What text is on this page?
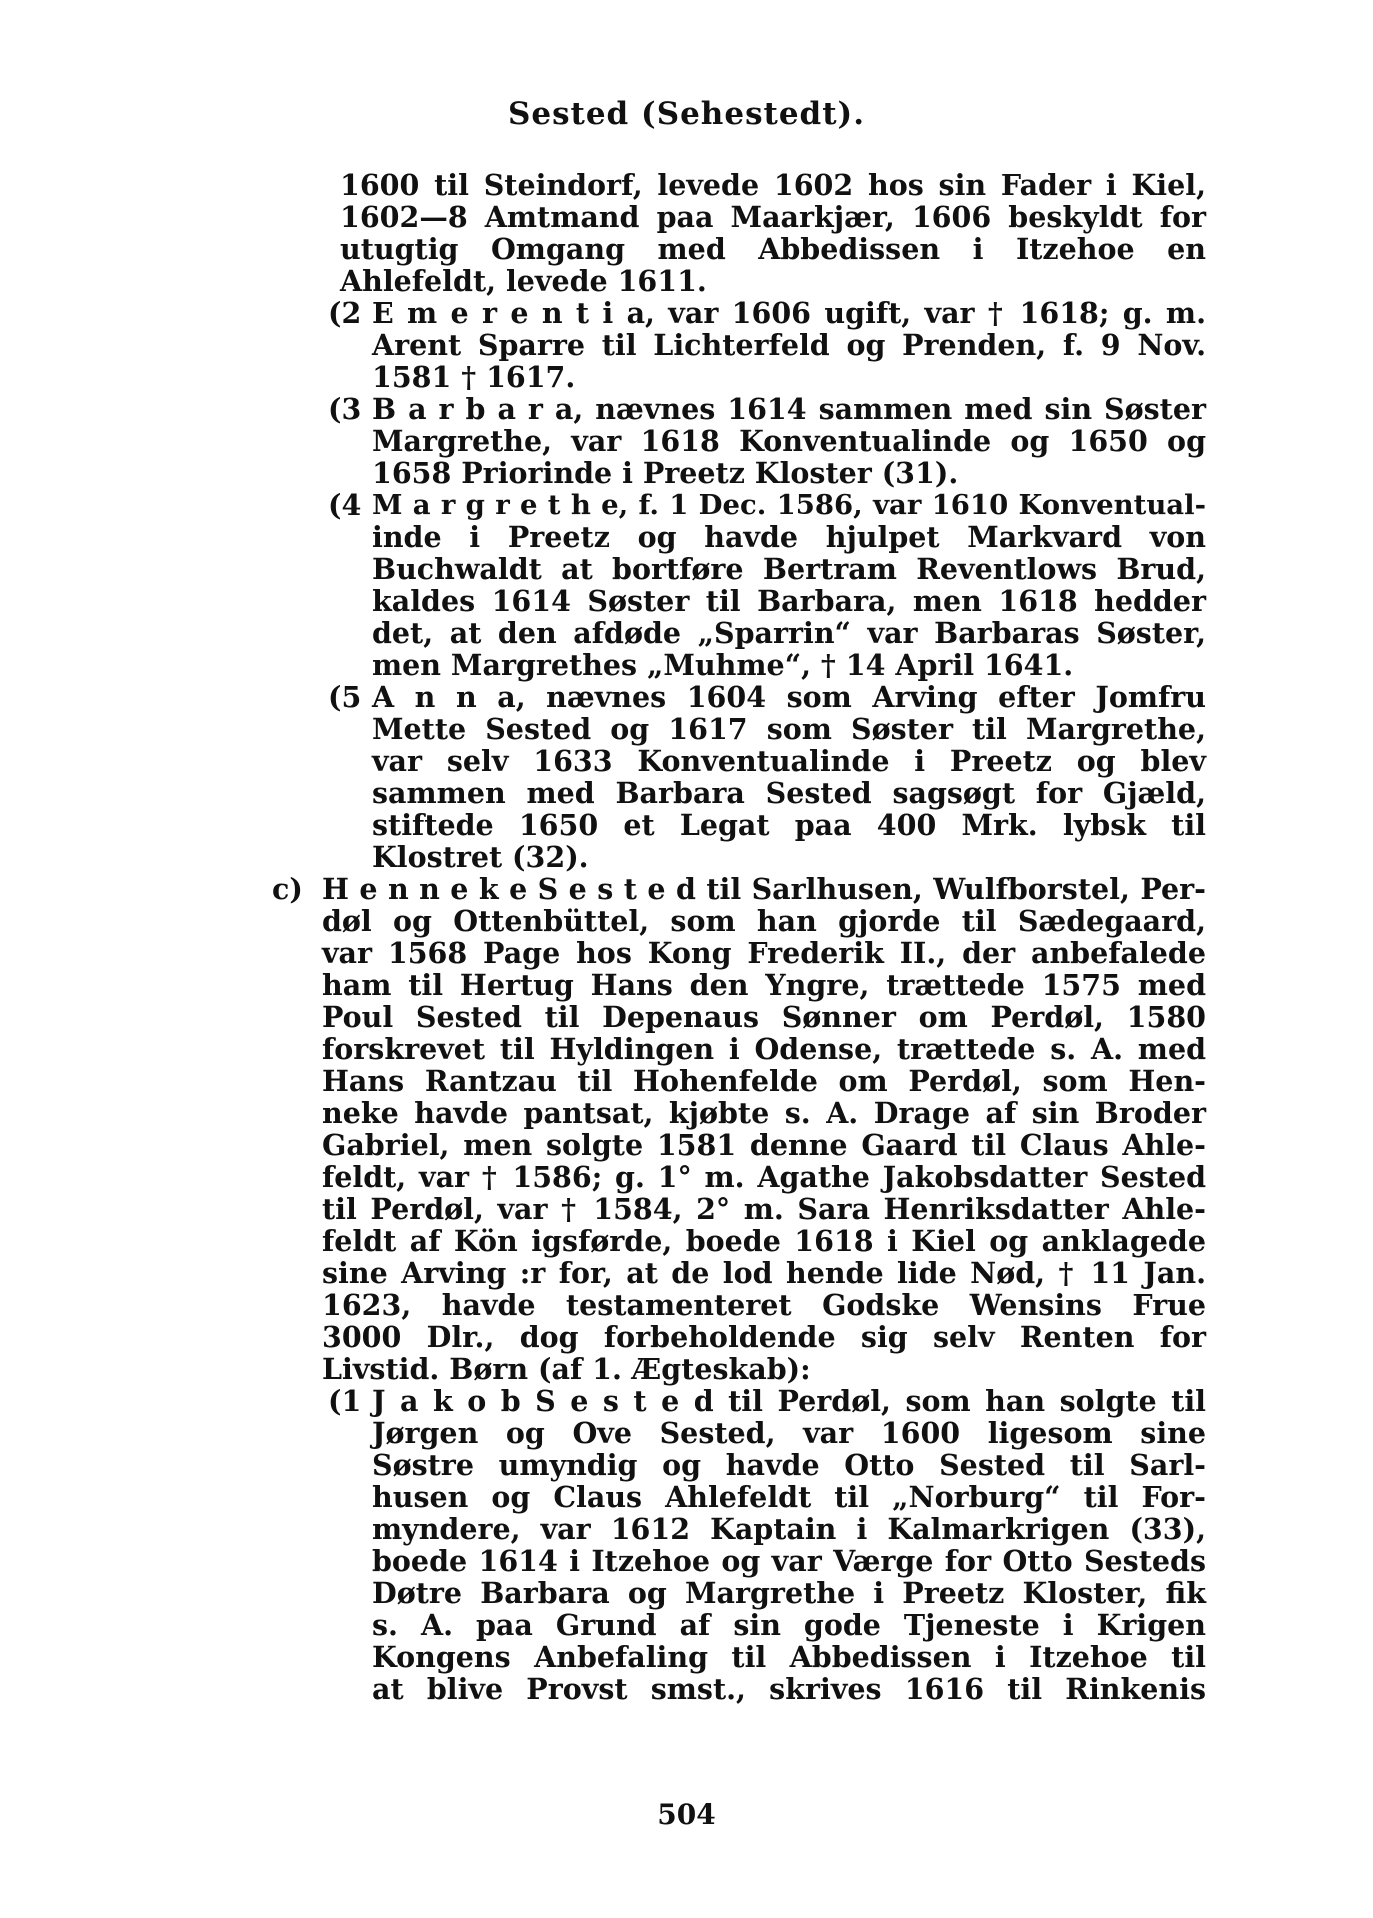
Sested (Sehestedt).
1600 til Steindorf, levede 1602 hos sin Fader i Kiel,
1602—8 Amtmand paa Maarkjær, 1606 beskyldt for
utugtig Omgang med Abbedissen i Itzehoe en
Ahlefeldt, levede 1611.
(2 E m e r e n t i a, var 1606 ugift, var † 1618; g. m.
Arent Sparre til Lichterfeld og Prenden, f. 9 Nov.
1581 † 1617.
(3 B a r b a r a, nævnes 1614 sammen med sin Søster
Margrethe, var 1618 Konventualinde og 1650 og
1658 Priorinde i Preetz Kloster (31).
(4 M a r g r e t h e, f. 1 Dec. 1586, var 1610 Konventual-
inde i Preetz og havde hjulpet Markvard von
Buchwaldt at bortføre Bertram Reventlows Brud,
kaldes 1614 Søster til Barbara, men 1618 hedder
det, at den afdøde „Sparrin“ var Barbaras Søster,
men Margrethes „Muhme“, † 14 April 1641.
(5 A n n a, nævnes 1604 som Arving efter Jomfru
Mette Sested og 1617 som Søster til Margrethe,
var selv 1633 Konventualinde i Preetz og blev
sammen med Barbara Sested sagsøgt for Gjæld,
stiftede 1650 et Legat paa 400 Mrk. lybsk til
Klostret (32).
c) H e n n e k e S e s t e d til Sarlhusen, Wulfborstel, Per-
døl og Ottenbüttel, som han gjorde til Sædegaard,
var 1568 Page hos Kong Frederik II., der anbefalede
ham til Hertug Hans den Yngre, trættede 1575 med
Poul Sested til Depenaus Sønner om Perdøl, 1580
forskrevet til Hyldingen i Odense, trættede s. A. med
Hans Rantzau til Hohenfelde om Perdøl, som Hen-
neke havde pantsat, kjøbte s. A. Drage af sin Broder
Gabriel, men solgte 1581 denne Gaard til Claus Ahle-
feldt, var † 1586; g. 1° m. Agathe Jakobsdatter Sested
til Perdøl, var † 1584, 2° m. Sara Henriksdatter Ahle-
feldt af Kön igsførde, boede 1618 i Kiel og anklagede
sine Arving :r for, at de lod hende lide Nød, † 11 Jan.
1623, havde testamenteret Godske Wensins Frue
3000 Dlr., dog forbeholdende sig selv Renten for
Livstid. Børn (af 1. Ægteskab):
(1 J a k o b S e s t e d til Perdøl, som han solgte til
Jørgen og Ove Sested, var 1600 ligesom sine
Søstre umyndig og havde Otto Sested til Sarl-
husen og Claus Ahlefeldt til „Norburg“ til For-
myndere, var 1612 Kaptain i Kalmarkrigen (33),
boede 1614 i Itzehoe og var Værge for Otto Sesteds
Døtre Barbara og Margrethe i Preetz Kloster, fik
s. A. paa Grund af sin gode Tjeneste i Krigen
Kongens Anbefaling til Abbedissen i Itzehoe til
at blive Provst smst., skrives 1616 til Rinkenis
504
